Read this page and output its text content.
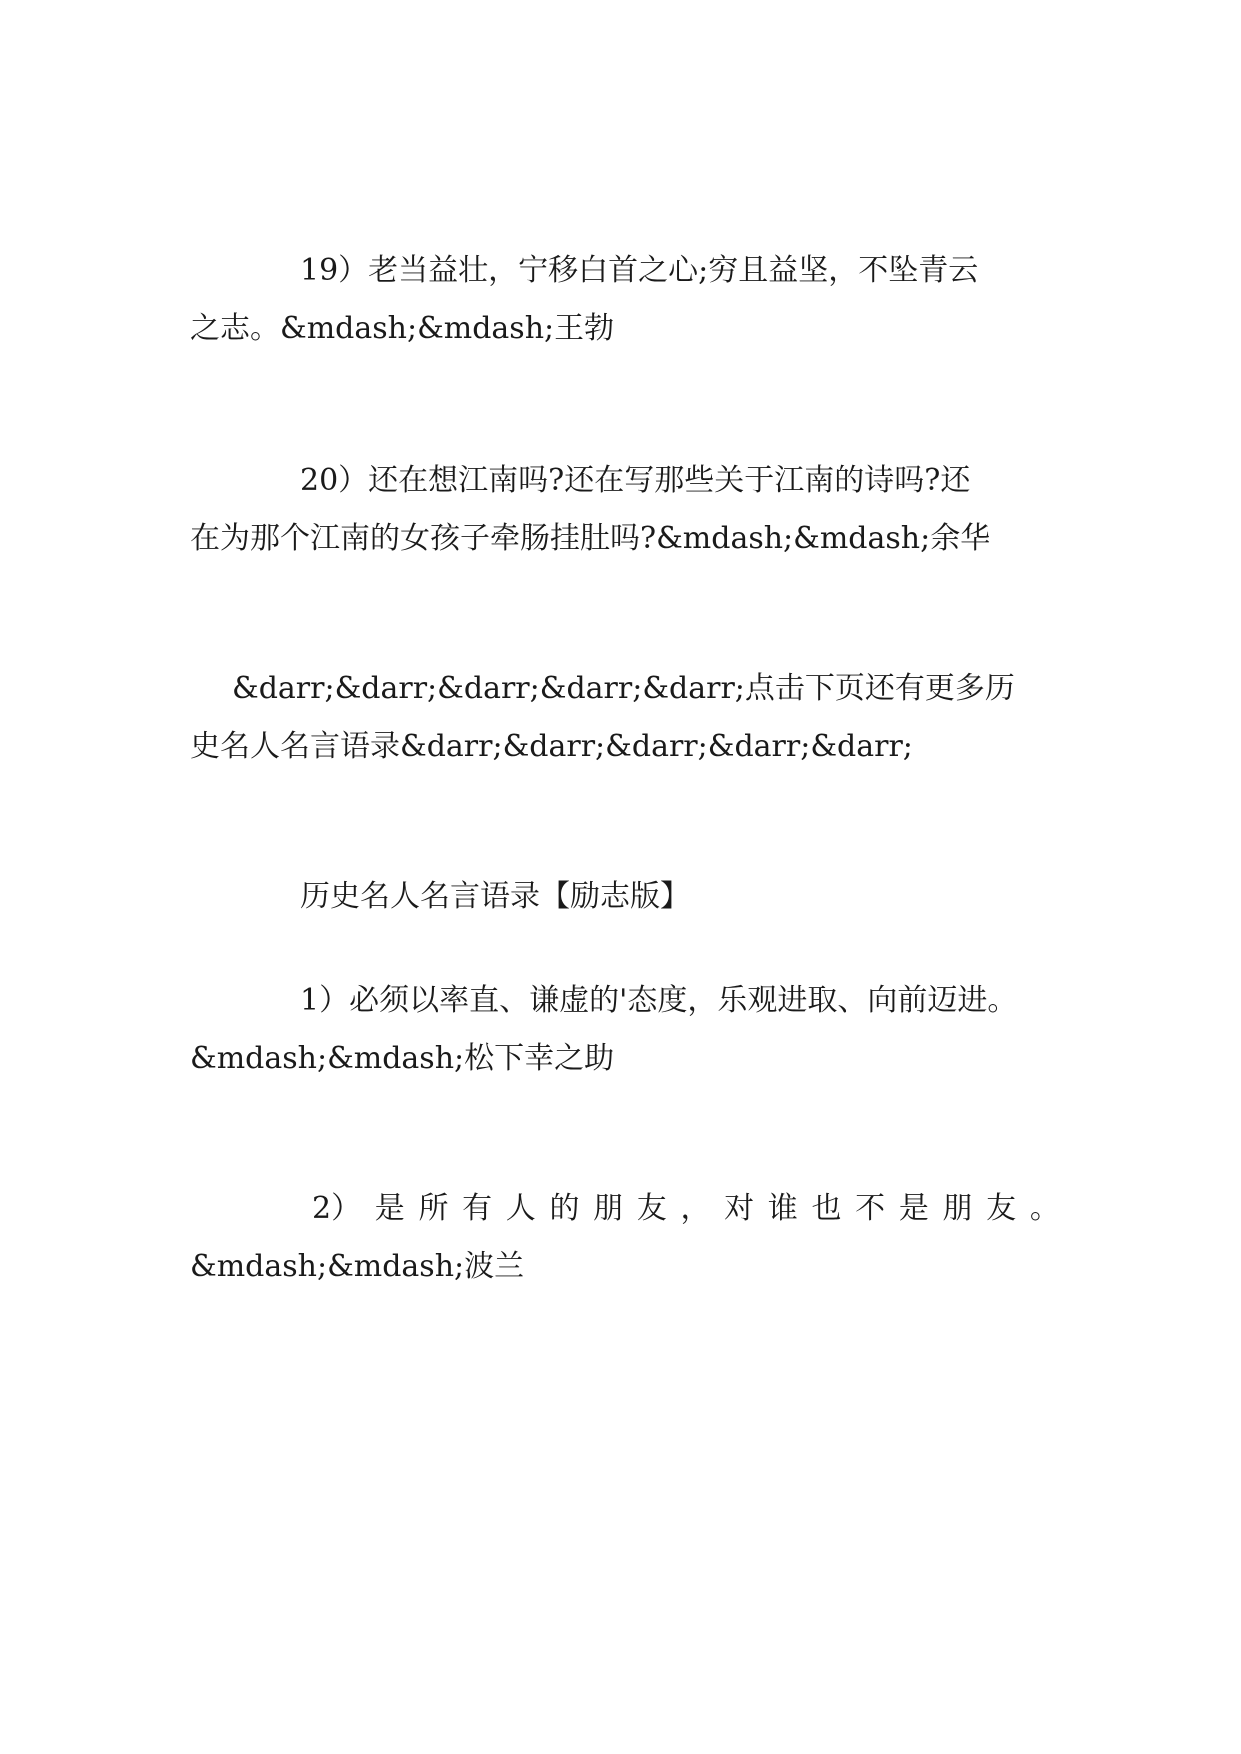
19）老当益壮，宁移白首之心;穷且益坚，不坠青云
之志。&mdash;&mdash;王勃
20）还在想江南吗?还在写那些关于江南的诗吗?还
在为那个江南的女孩子牵肠挂肚吗?&mdash;&mdash;余华
&darr;&darr;&darr;&darr;&darr;点击下页还有更多历
史名人名言语录&darr;&darr;&darr;&darr;&darr;
历史名人名言语录【励志版】
1）必须以率直、谦虚的'态度，乐观进取、向前迈进。
&mdash;&mdash;松下幸之助
2） 是 所 有 人 的 朋 友 ， 对 谁 也 不 是 朋 友 。
&mdash;&mdash;波兰
